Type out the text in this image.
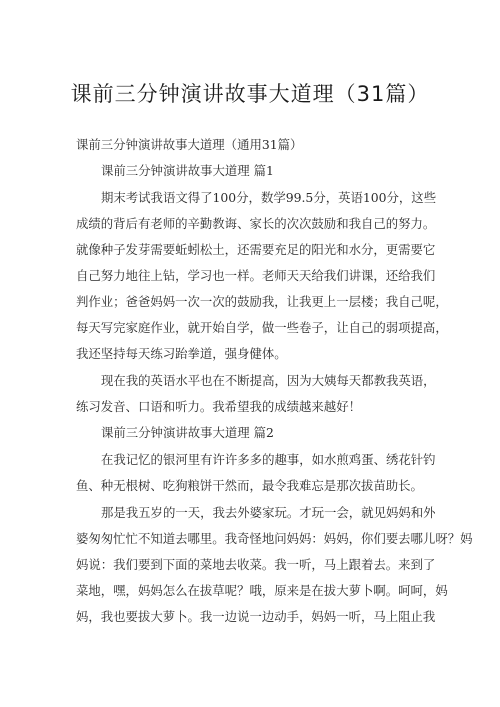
课前三分钟演讲故事大道理（31篇）

课前三分钟演讲故事大道理（通用31篇）

课前三分钟演讲故事大道理 篇1

期末考试我语文得了100分，数学99.5分，英语100分，这些

成绩的背后有老师的辛勤教诲、家长的次次鼓励和我自己的努力。

就像种子发芽需要蚯蚓松土，还需要充足的阳光和水分，更需要它

自己努力地往上钻，学习也一样。老师天天给我们讲课，还给我们

判作业；爸爸妈妈一次一次的鼓励我，让我更上一层楼；我自己呢，

每天写完家庭作业，就开始自学，做一些卷子，让自己的弱项提高，

我还坚持每天练习跆拳道，强身健体。

现在我的英语水平也在不断提高，因为大姨每天都教我英语，

练习发音、口语和听力。我希望我的成绩越来越好！

课前三分钟演讲故事大道理 篇2

在我记忆的银河里有许许多多的趣事，如水煎鸡蛋、绣花针钓

鱼、种无根树、吃狗粮饼干然而，最令我难忘是那次拔苗助长。

那是我五岁的一天，我去外婆家玩。才玩一会，就见妈妈和外

婆匆匆忙忙不知道去哪里。我奇怪地问妈妈：妈妈，你们要去哪儿呀？妈

妈说：我们要到下面的菜地去收菜。我一听，马上跟着去。来到了

菜地，嘿，妈妈怎么在拔草呢？哦，原来是在拔大萝卜啊。呵呵，妈

妈，我也要拔大萝卜。我一边说一边动手，妈妈一听，马上阻止我
